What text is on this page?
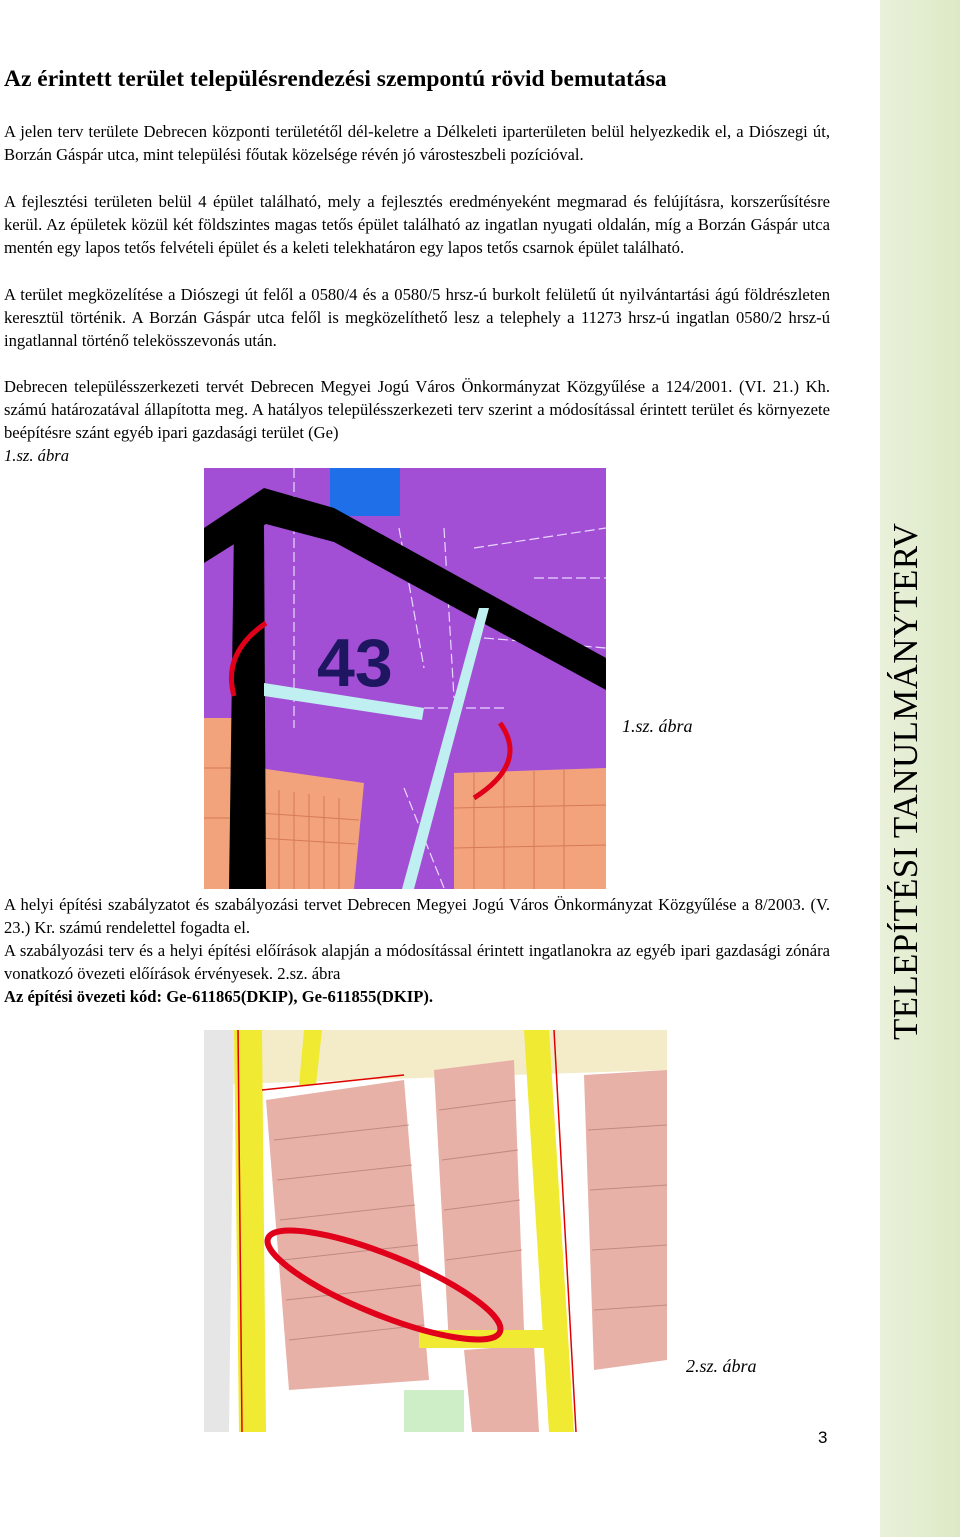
TELEPÍTÉSI TANULMÁNYTERV
Az érintett terület településrendezési szempontú rövid bemutatása

A jelen terv területe Debrecen központi területétől dél-keletre a Délkeleti iparterületen belül helyezkedik el, a Diószegi út, Borzán Gáspár utca, mint települési főutak közelsége révén jó városteszbeli pozícióval.

A fejlesztési területen belül 4 épület található, mely a fejlesztés eredményeként megmarad és felújításra, korszerűsítésre kerül. Az épületek közül két földszintes magas tetős épület található az ingatlan nyugati oldalán, míg a Borzán Gáspár utca mentén egy lapos tetős felvételi épület és a keleti telekhatáron egy lapos tetős csarnok épület található.

A terület megközelítése a Diószegi út felől a 0580/4 és a 0580/5 hrsz-ú burkolt felületű út nyilvántartási ágú földrészleten keresztül történik. A Borzán Gáspár utca felől is megközelíthető lesz a telephely a 11273 hrsz-ú ingatlan 0580/2 hrsz-ú ingatlannal történő telekösszevonás után.

Debrecen településszerkezeti tervét Debrecen Megyei Jogú Város Önkormányzat Közgyűlése a 124/2001. (VI. 21.) Kh. számú határozatával állapította meg. A hatályos településszerkezeti terv szerint a módosítással érintett terület és környezete beépítésre szánt egyéb ipari gazdasági terület (Ge)
1.sz. ábra

43
1.sz. ábra

A helyi építési szabályzatot és szabályozási tervet Debrecen Megyei Jogú Város Önkormányzat Közgyűlése a 8/2003. (V. 23.) Kr. számú rendelettel fogadta el.

A szabályozási terv és a helyi építési előírások alapján a módosítással érintett ingatlanokra az egyéb ipari gazdasági zónára vonatkozó övezeti előírások érvényesek. 2.sz. ábra

Az építési övezeti kód: Ge-611865(DKIP), Ge-611855(DKIP).

2.sz. ábra
3
